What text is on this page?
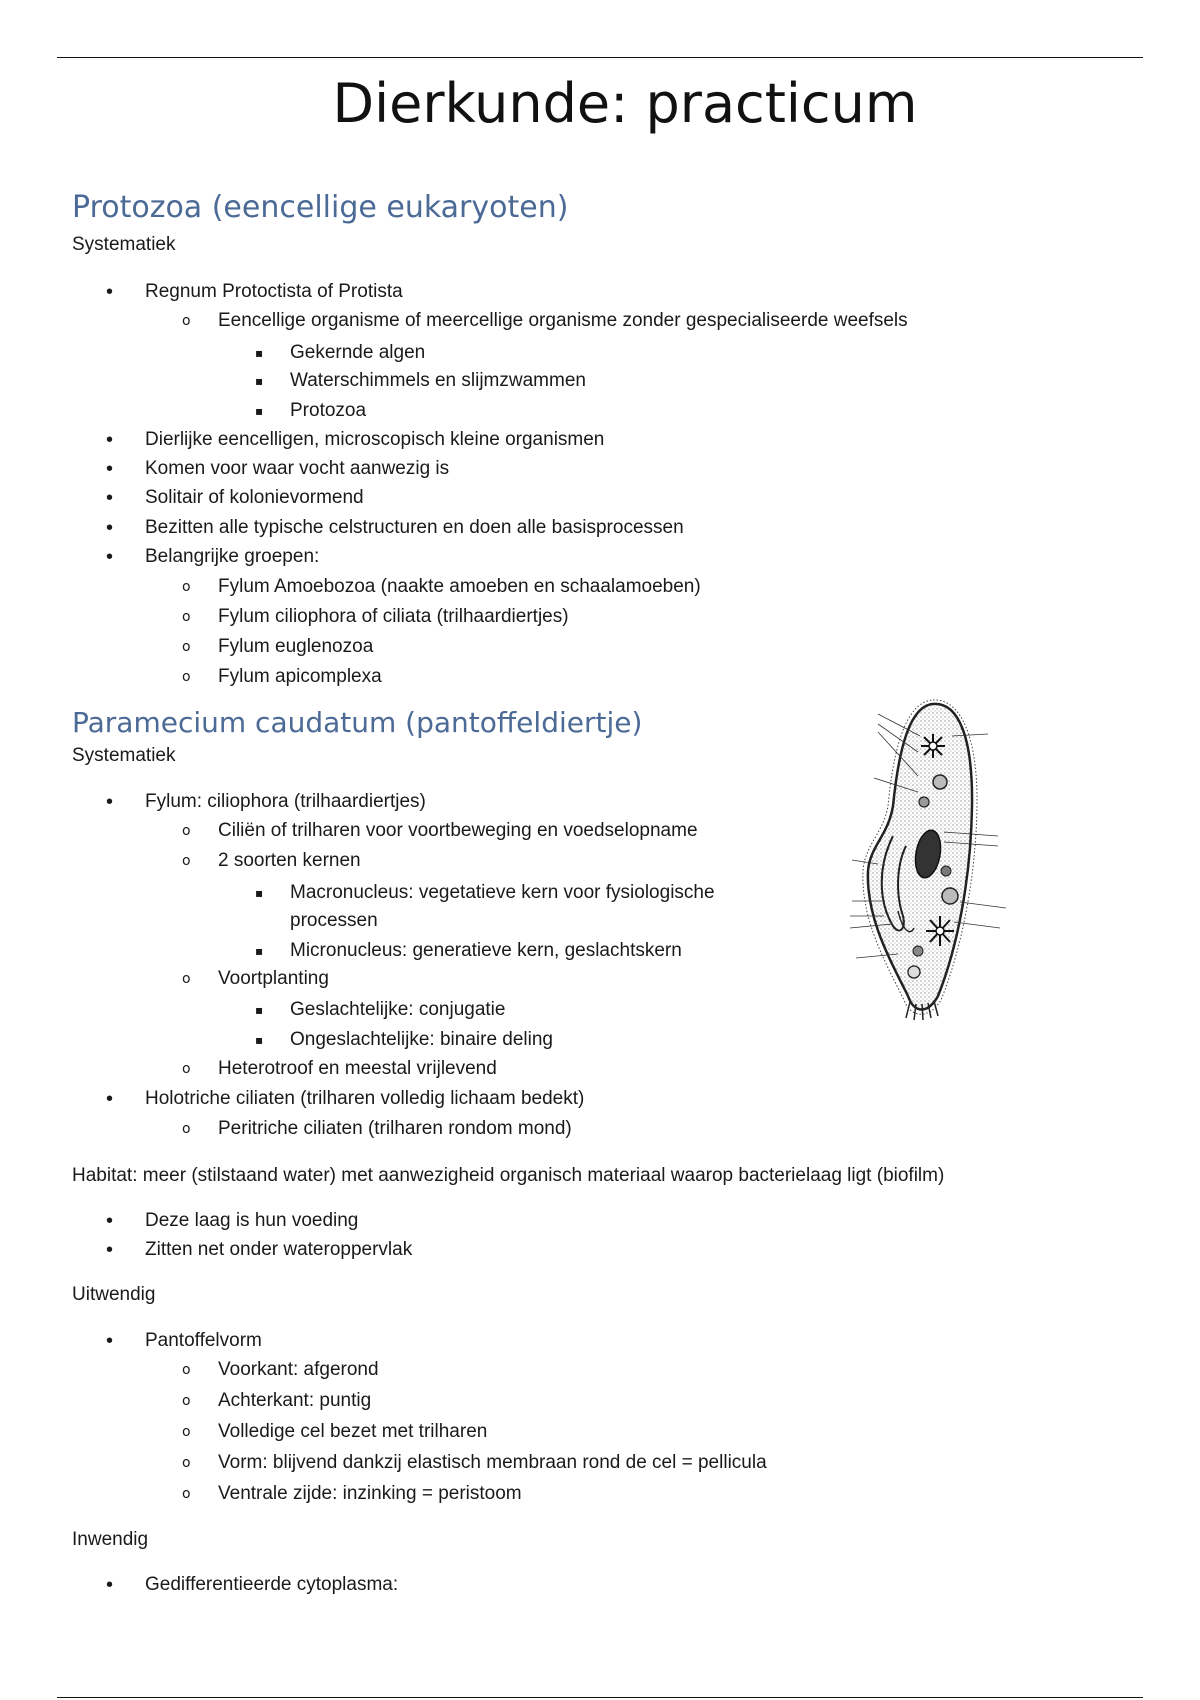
Dierkunde: practicum
Protozoa (eencellige eukaryoten)
Systematiek
• Regnum Protoctista of Protista
o Eencellige organisme of meercellige organisme zonder gespecialiseerde weefsels
▪ Gekernde algen
▪ Waterschimmels en slijmzwammen
▪ Protozoa
• Dierlijke eencelligen, microscopisch kleine organismen
• Komen voor waar vocht aanwezig is
• Solitair of kolonievormend
• Bezitten alle typische celstructuren en doen alle basisprocessen
• Belangrijke groepen:
o Fylum Amoebozoa (naakte amoeben en schaalamoeben)
o Fylum ciliophora of ciliata (trilhaardiertjes)
o Fylum euglenozoa
o Fylum apicomplexa
Paramecium caudatum (pantoffeldiertje)
Systematiek
• Fylum: ciliophora (trilhaardiertjes)
o Ciliën of trilharen voor voortbeweging en voedselopname
o 2 soorten kernen
▪ Macronucleus: vegetatieve kern voor fysiologische
processen
▪ Micronucleus: generatieve kern, geslachtskern
o Voortplanting
▪ Geslachtelijke: conjugatie
▪ Ongeslachtelijke: binaire deling
o Heterotroof en meestal vrijlevend
• Holotriche ciliaten (trilharen volledig lichaam bedekt)
o Peritriche ciliaten (trilharen rondom mond)
Habitat: meer (stilstaand water) met aanwezigheid organisch materiaal waarop bacterielaag ligt (biofilm)
• Deze laag is hun voeding
• Zitten net onder wateroppervlak
Uitwendig
• Pantoffelvorm
o Voorkant: afgerond
o Achterkant: puntig
o Volledige cel bezet met trilharen
o Vorm: blijvend dankzij elastisch membraan rond de cel = pellicula
o Ventrale zijde: inzinking = peristoom
Inwendig
• Gedifferentieerde cytoplasma:
